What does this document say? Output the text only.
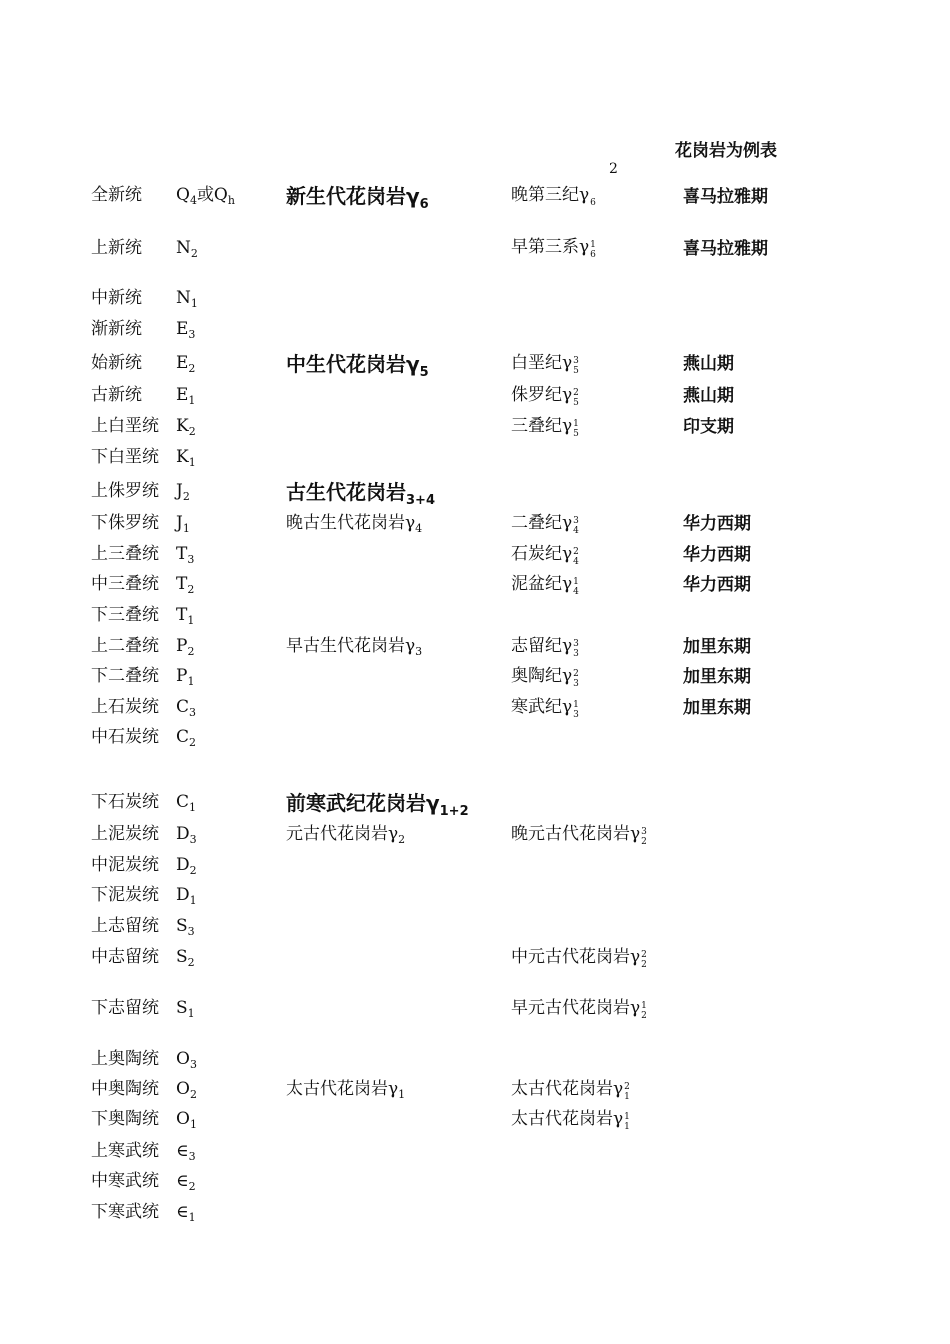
花岗岩为例表
2
全新统 $Q_4$或$Q_h$
上新统 $N_2$
中新统 $N_1$
渐新统 $E_3$
始新统 $E_2$
古新统 $E_1$
上白垩统 $K_2$
下白垩统 $K_1$
上侏罗统 $J_2$
下侏罗统 $J_1$
上三叠统 $T_3$
中三叠统 $T_2$
下三叠统 $T_1$
上二叠统 $P_2$
下二叠统 $P_1$
上石炭统 $C_3$
中石炭统 $C_2$
下石炭统 $C_1$
上泥炭统 $D_3$
中泥炭统 $D_2$
下泥炭统 $D_1$
上志留统 $S_3$
中志留统 $S_2$
下志留统 $S_1$
上奥陶统 $O_3$
中奥陶统 $O_2$
下奥陶统 $O_1$
上寒武统 $\in_3$
中寒武统 $\in_2$
下寒武统 $\in_1$
新生代花岗岩$\gamma_6$
中生代花岗岩$\gamma_5$
古生代花岗岩$_{3+4}$
前寒武纪花岗岩$\gamma_{1+2}$
晚古生代花岗岩$\gamma_4$
早古生代花岗岩$\gamma_3$
元古代花岗岩$\gamma_2$
太古代花岗岩$\gamma_1$
晚第三纪γ
6
早第三系γ 1
6
白垩纪γ 3
5
侏罗纪γ 2
5
三叠纪γ 1
5
二叠纪γ 3
4
石炭纪γ 2
4
泥盆纪γ 1
4
志留纪γ 3
3
奥陶纪γ 2
3
寒武纪γ 1
3
晚元古代花岗岩γ 3
2
中元古代花岗岩γ 2
2
早元古代花岗岩γ 1
2
太古代花岗岩γ 2
1
太古代花岗岩γ 1
1
喜马拉雅期
喜马拉雅期
燕山期
燕山期
印支期
华力西期
华力西期
华力西期
加里东期
加里东期
加里东期
